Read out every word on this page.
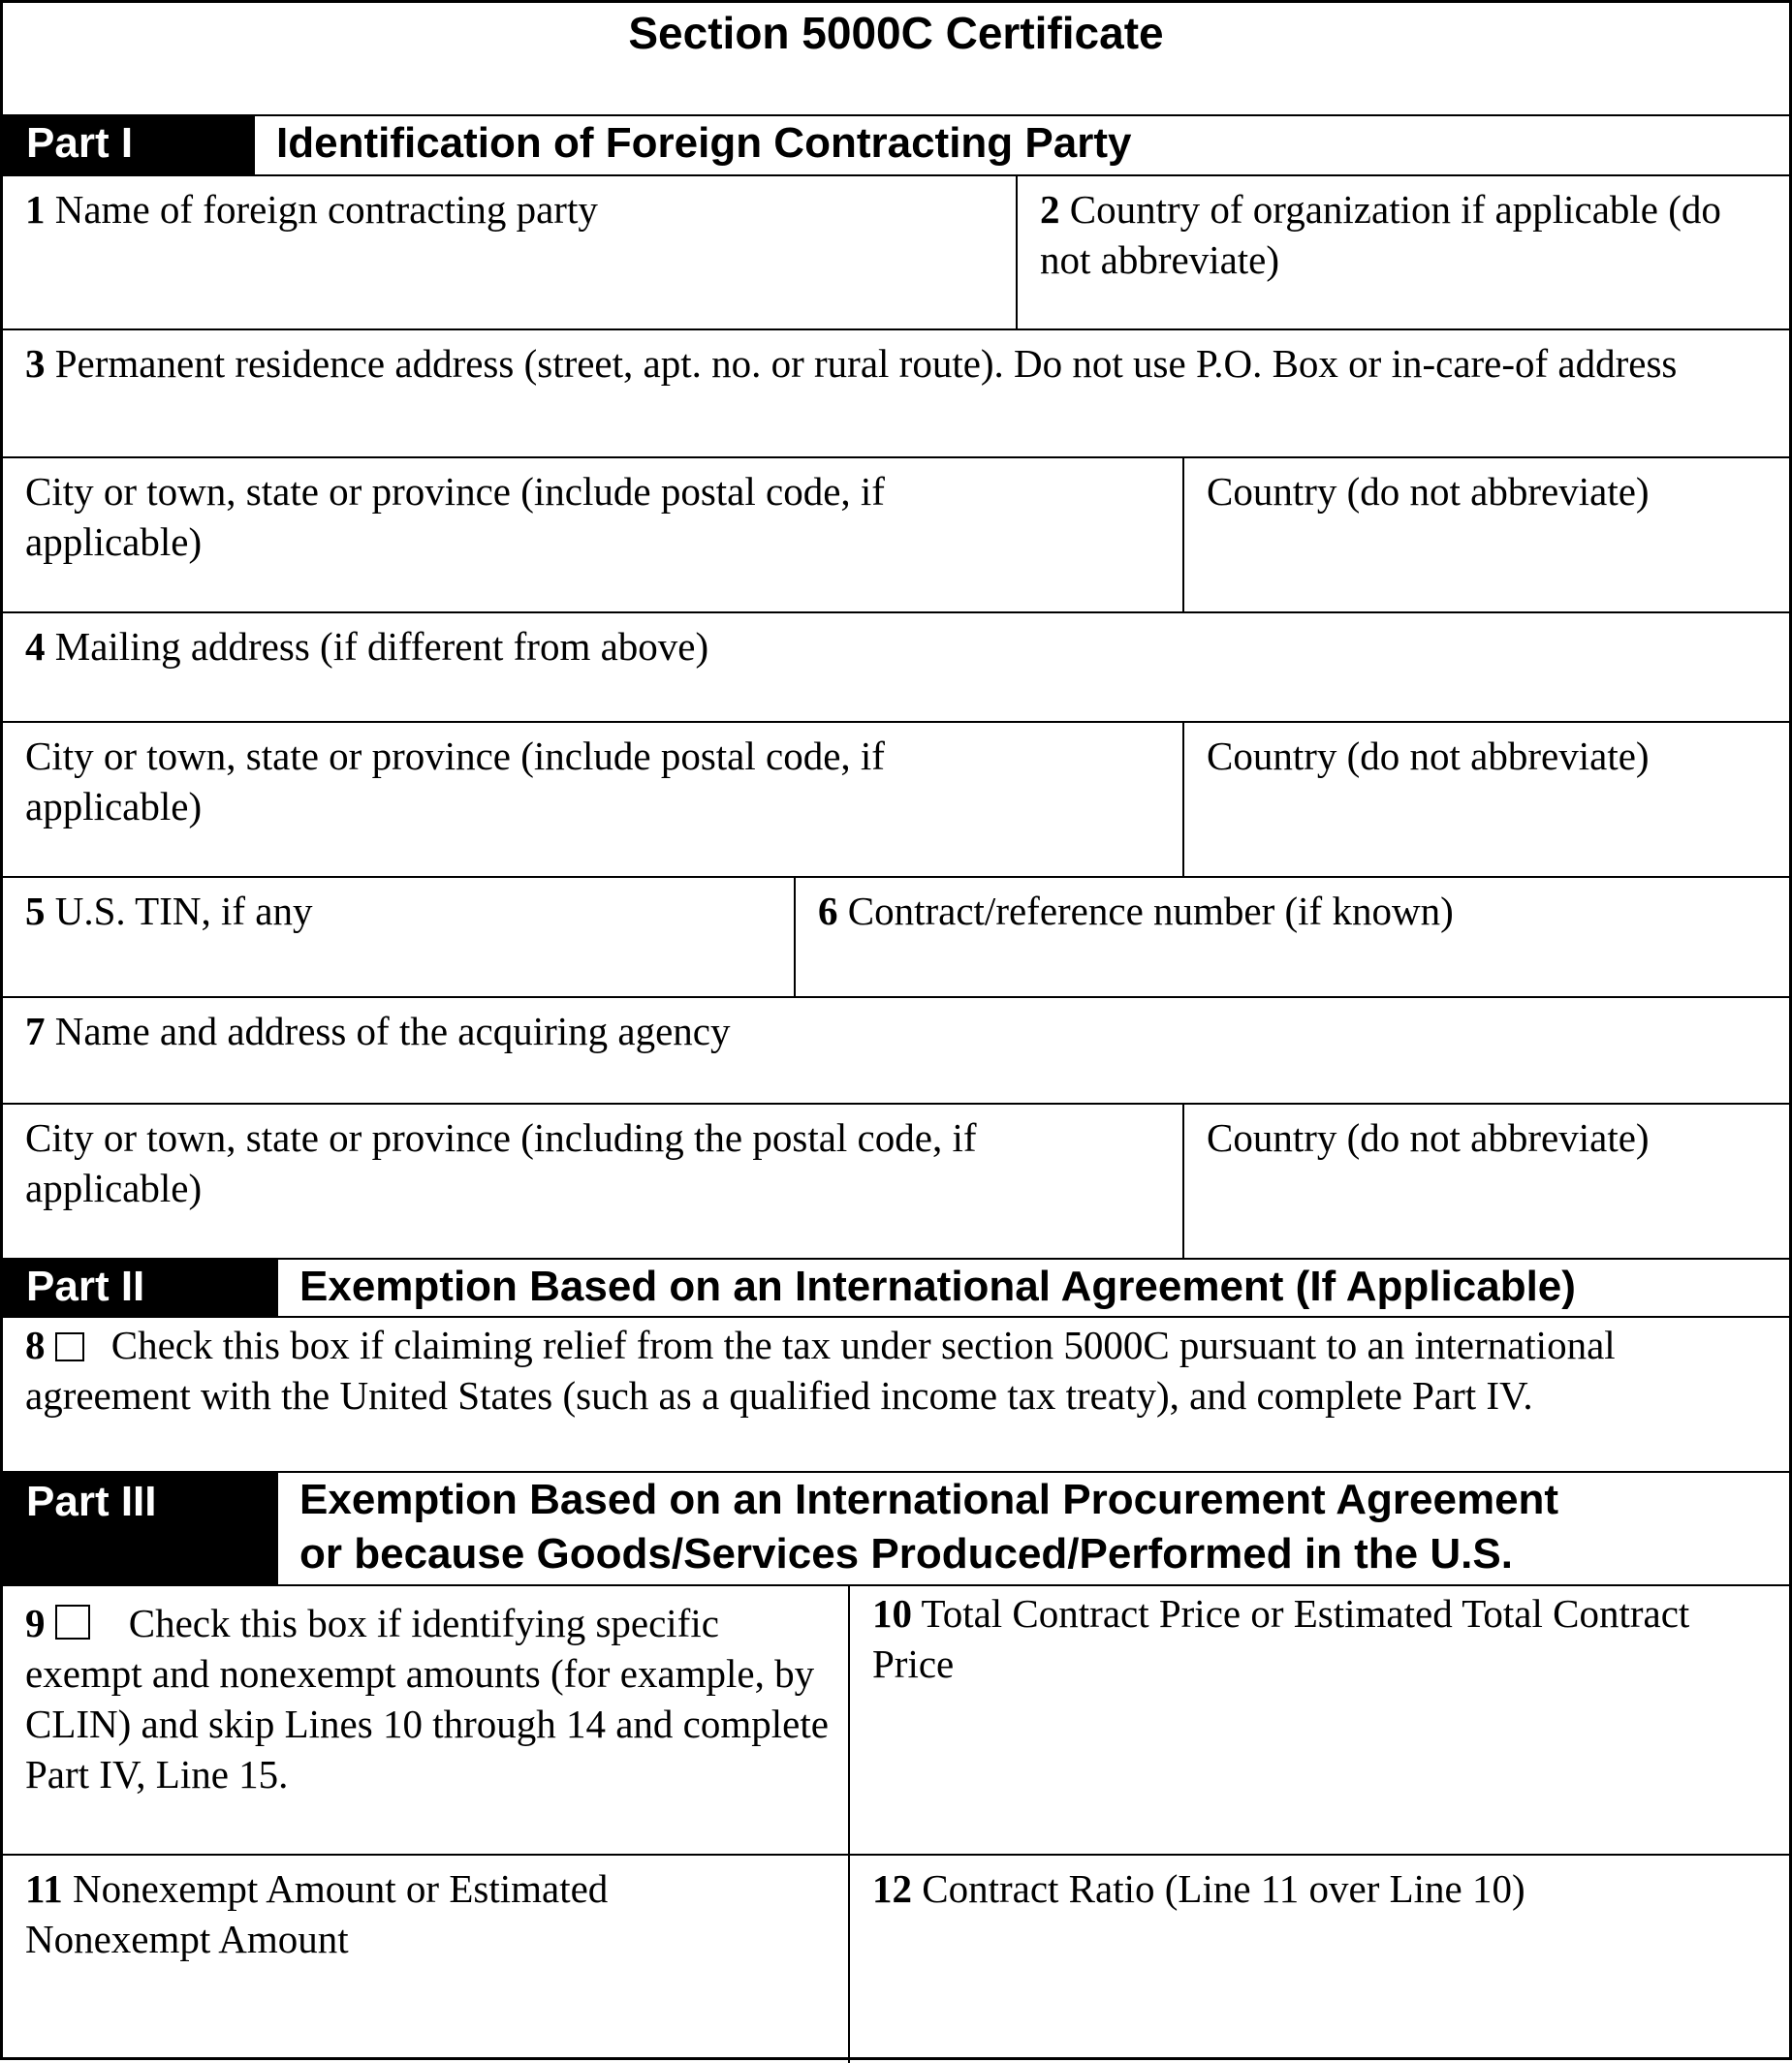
Section 5000C Certificate
Part I	Identification of Foreign Contracting Party
1 Name of foreign contracting party	2 Country of organization if applicable (do not abbreviate)
3 Permanent residence address (street, apt. no. or rural route). Do not use P.O. Box or in-care-of address
City or town, state or province (include postal code, if applicable)
Country (do not abbreviate)
4 Mailing address (if different from above)
City or town, state or province (include postal code, if applicable)
Country (do not abbreviate)
5 U.S. TIN, if any	6 Contract/reference number (if known)
7 Name and address of the acquiring agency
City or town, state or province (including the postal code, if applicable)
Country (do not abbreviate)
Part II	Exemption Based on an International Agreement (If Applicable)
8 Check this box if claiming relief from the tax under section 5000C pursuant to an international agreement with the United States (such as a qualified income tax treaty), and complete Part IV.
Part III	Exemption Based on an International Procurement Agreement
or because Goods/Services Produced/Performed in the U.S.
9 Check this box if identifying specific exempt and nonexempt amounts (for example, by CLIN) and skip Lines 10 through 14 and complete Part IV, Line 15.
10 Total Contract Price or Estimated Total Contract Price
11 Nonexempt Amount or Estimated Nonexempt Amount
12 Contract Ratio (Line 11 over Line 10)
